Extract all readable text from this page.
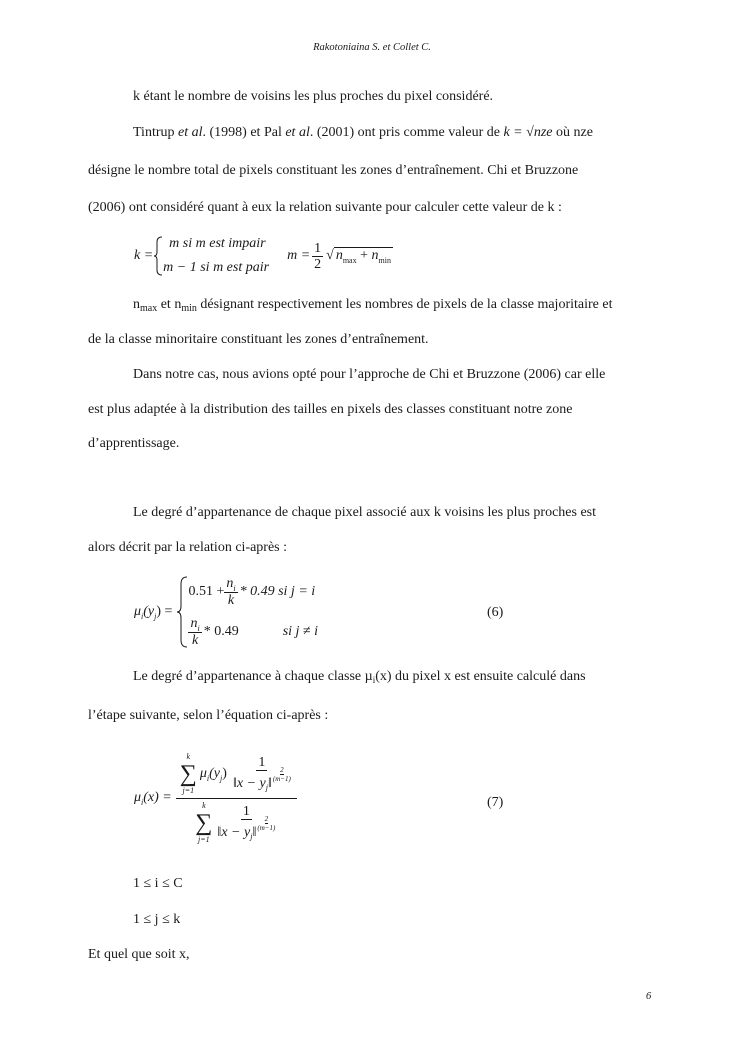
Rakotoniaina S. et Collet C.
k étant le nombre de voisins les plus proches du pixel considéré.
Tintrup et al. (1998) et Pal et al. (2001) ont pris comme valeur de k = √nze où nze
désigne le nombre total de pixels constituant les zones d’entraînement. Chi et Bruzzone
(2006) ont considéré quant à eux la relation suivante pour calculer cette valeur de k :
k =
m si m est impair
m − 1 si m est pair
$m = \frac{1}{2}$ √ $n_{max} + n_{min}$
$n_{max}$ et $n_{min}$ désignant respectivement les nombres de pixels de la classe majoritaire et
de la classe minoritaire constituant les zones d’entraînement.
Dans notre cas, nous avions opté pour l’approche de Chi et Bruzzone (2006) car elle
est plus adaptée à la distribution des tailles en pixels des classes constituant notre zone
d’apprentissage.
Le degré d’appartenance de chaque pixel associé aux k voisins les plus proches est
alors décrit par la relation ci-après :
$\mu_i(y_j)$ =
$0.51 + \frac{n_i}{k} * 0.49$ si j = i
$\frac{n_i}{k} * 0.49$	si j ≠ i
(6)
Le degré d’appartenance à chaque classe µ$_i$(x) du pixel x est ensuite calculé dans
l’étape suivante, selon l’équation ci-après :
$\mu_i(x) = k$
∑
j=1
$\mu_i(y_j)$ 1
‖x − y j ‖
2
(m−1)
k
∑
j=1 1
‖x − y j ‖
2
(m−1)	(7)
1 ≤ i ≤ C
1 ≤ j ≤ k
Et quel que soit x,
6
